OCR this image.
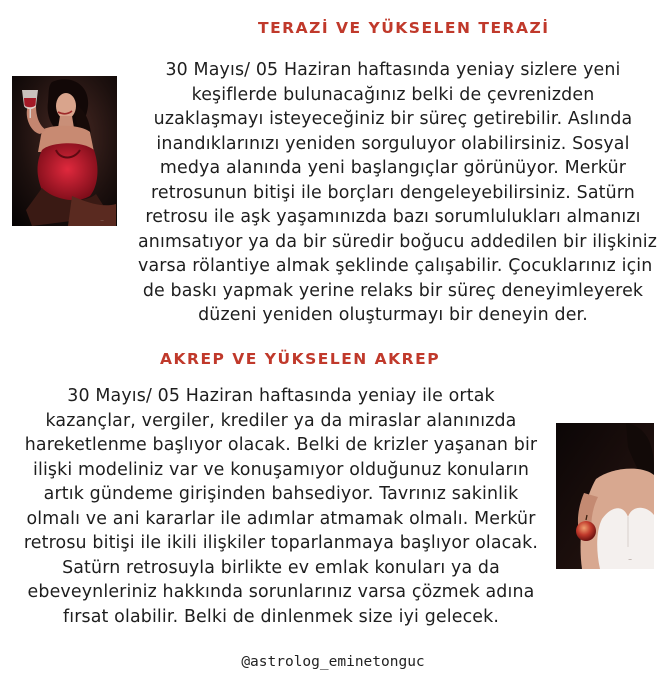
TERAZİ VE YÜKSELEN TERAZİ
~
30 Mayıs/ 05 Haziran haftasında yeniay sizlere yeni
keşiflerde bulunacağınız belki de çevrenizden
uzaklaşmayı isteyeceğiniz bir süreç getirebilir. Aslında
inandıklarınızı yeniden sorguluyor olabilirsiniz. Sosyal
medya alanında yeni başlangıçlar görünüyor. Merkür
retrosunun bitişi ile borçları dengeleyebilirsiniz. Satürn
retrosu ile aşk yaşamınızda bazı sorumlulukları almanızı
anımsatıyor ya da bir süredir boğucu addedilen bir ilişkiniz
varsa rölantiye almak şeklinde çalışabilir. Çocuklarınız için
de baskı yapmak yerine relaks bir süreç deneyimleyerek
düzeni yeniden oluşturmayı bir deneyin der.
AKREP VE YÜKSELEN AKREP
30 Mayıs/ 05 Haziran haftasında yeniay ile ortak
kazançlar, vergiler, krediler ya da miraslar alanınızda
hareketlenme başlıyor olacak. Belki de krizler yaşanan bir
ilişki modeliniz var ve konuşamıyor olduğunuz konuların
artık gündeme girişinden bahsediyor. Tavrınız sakinlik
olmalı ve ani kararlar ile adımlar atmamak olmalı. Merkür
retrosu bitişi ile ikili ilişkiler toparlanmaya başlıyor olacak.
Satürn retrosuyla birlikte ev emlak konuları ya da
ebeveynleriniz hakkında sorunlarınız varsa çözmek adına
fırsat olabilir. Belki de dinlenmek size iyi gelecek.
~
@astrolog_eminetonguc
